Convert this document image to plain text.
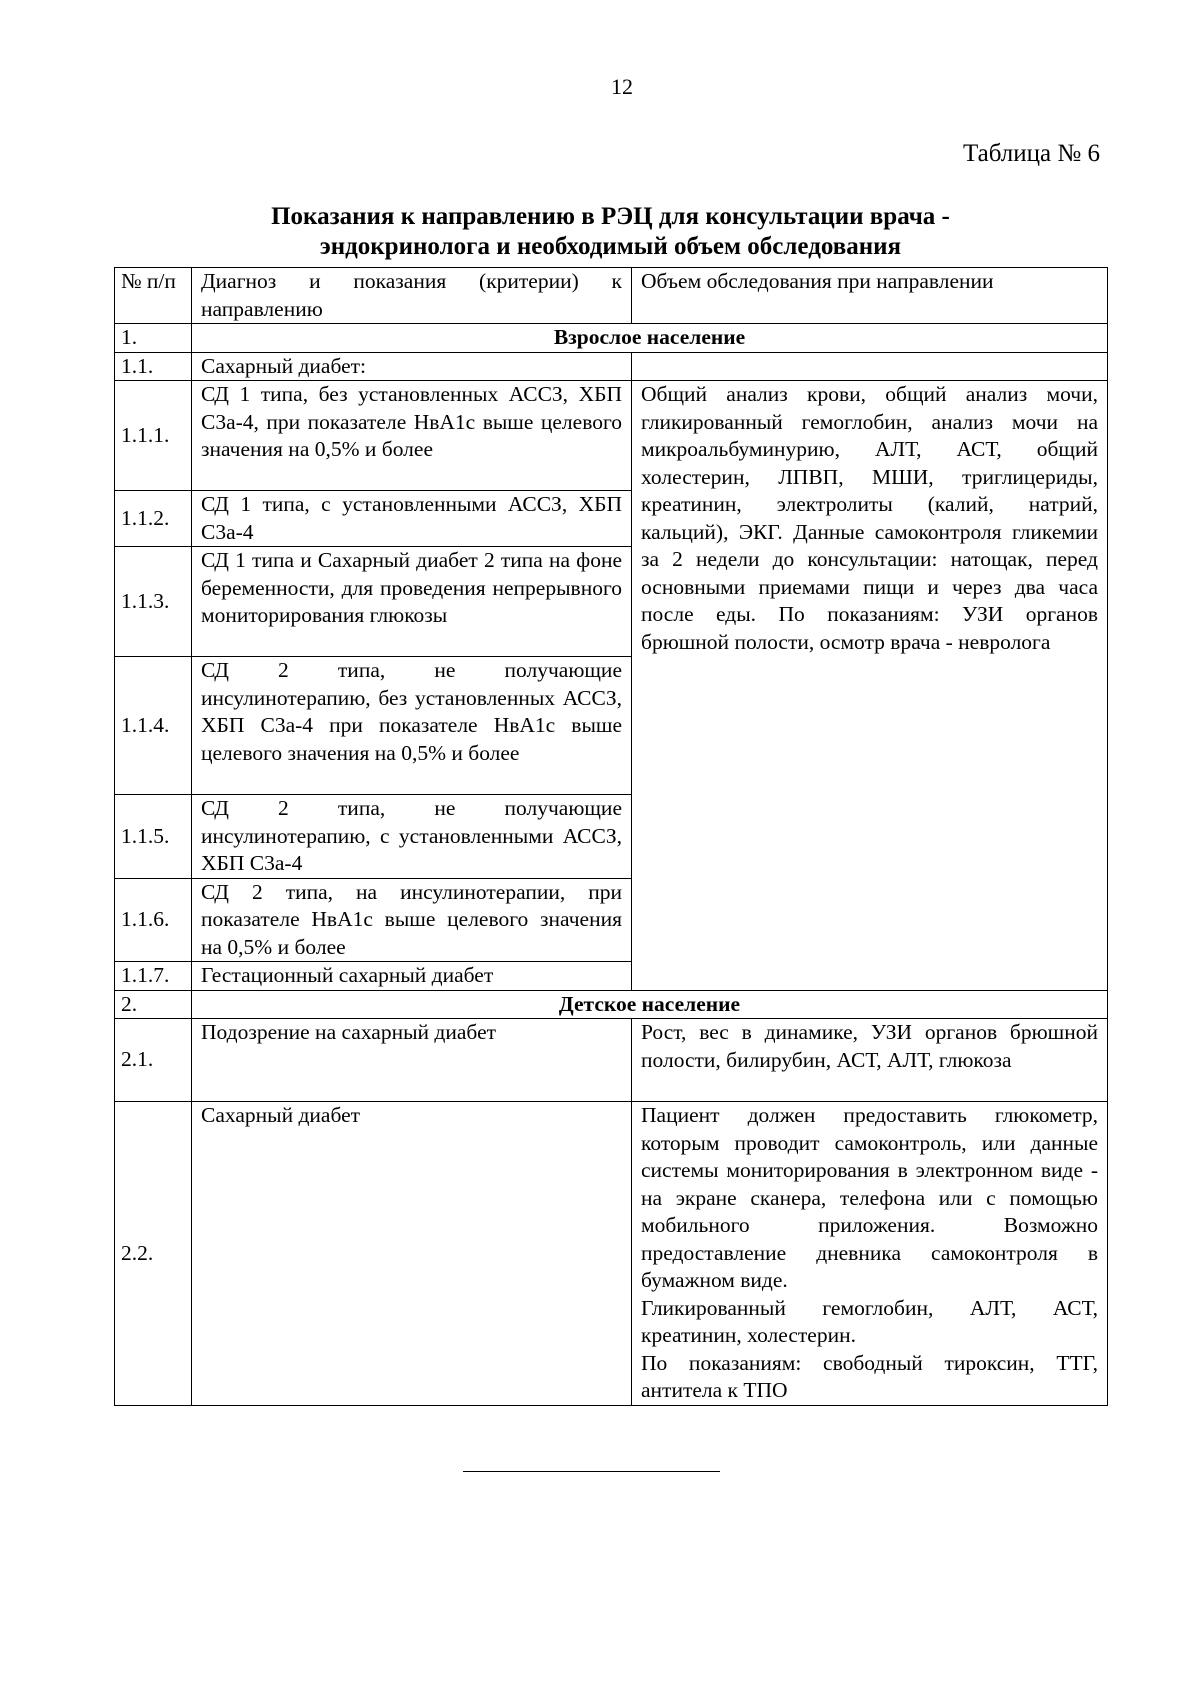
12
Таблица № 6
Показания к направлению в РЭЦ для консультации врача -
эндокринолога и необходимый объем обследования
№ п/п	Диагноз и показания (критерии) к направлению	Объем обследования при направлении
1.	Взрослое население	
1.1.	Сахарный диабет:	
1.1.1.	СД 1 типа, без установленных АССЗ, ХБП С3а-4, при показателе НвА1с выше целевого значения на 0,5% и более	Общий анализ крови, общий анализ мочи, гликированный гемоглобин, анализ мочи на микроальбуминурию, АЛТ, АСТ, общий холестерин, ЛПВП, МШИ, триглицериды, креатинин, электролиты (калий, натрий, кальций), ЭКГ. Данные самоконтроля гликемии за 2 недели до консультации: натощак, перед основными приемами пищи и через два часа после еды. По показаниям: УЗИ органов брюшной полости, осмотр врача - невролога

1.1.2.	СД 1 типа, с установленными АССЗ, ХБП С3а-4	
1.1.3.	СД 1 типа и Сахарный диабет 2 типа на фоне беременности, для проведения непрерывного мониторирования глюкозы	
1.1.4.	СД 2 типа, не получающие инсулинотерапию, без установленных АССЗ, ХБП С3а-4 при показателе НвА1с выше целевого значения на 0,5% и более	
1.1.5.	СД 2 типа, не получающие инсулинотерапию, с установленными АССЗ, ХБП С3а-4	
1.1.6.	СД 2 типа, на инсулинотерапии, при показателе НвА1с выше целевого значения на 0,5% и более	
1.1.7.	Гестационный сахарный диабет	
2.	Детское население	
2.1.	Подозрение на сахарный диабет	Рост, вес в динамике, УЗИ органов брюшной полости, билирубин, АСТ, АЛТ, глюкоза
2.2.	Сахарный диабет	Пациент должен предоставить глюкометр, которым проводит самоконтроль, или данные системы мониторирования в электронном виде - на экране сканера, телефона или с помощью мобильного приложения. Возможно предоставление дневника самоконтроля в бумажном виде.
Гликированный гемоглобин, АЛТ, АСТ, креатинин, холестерин.
По показаниям: свободный тироксин, ТТГ, антитела к ТПО
